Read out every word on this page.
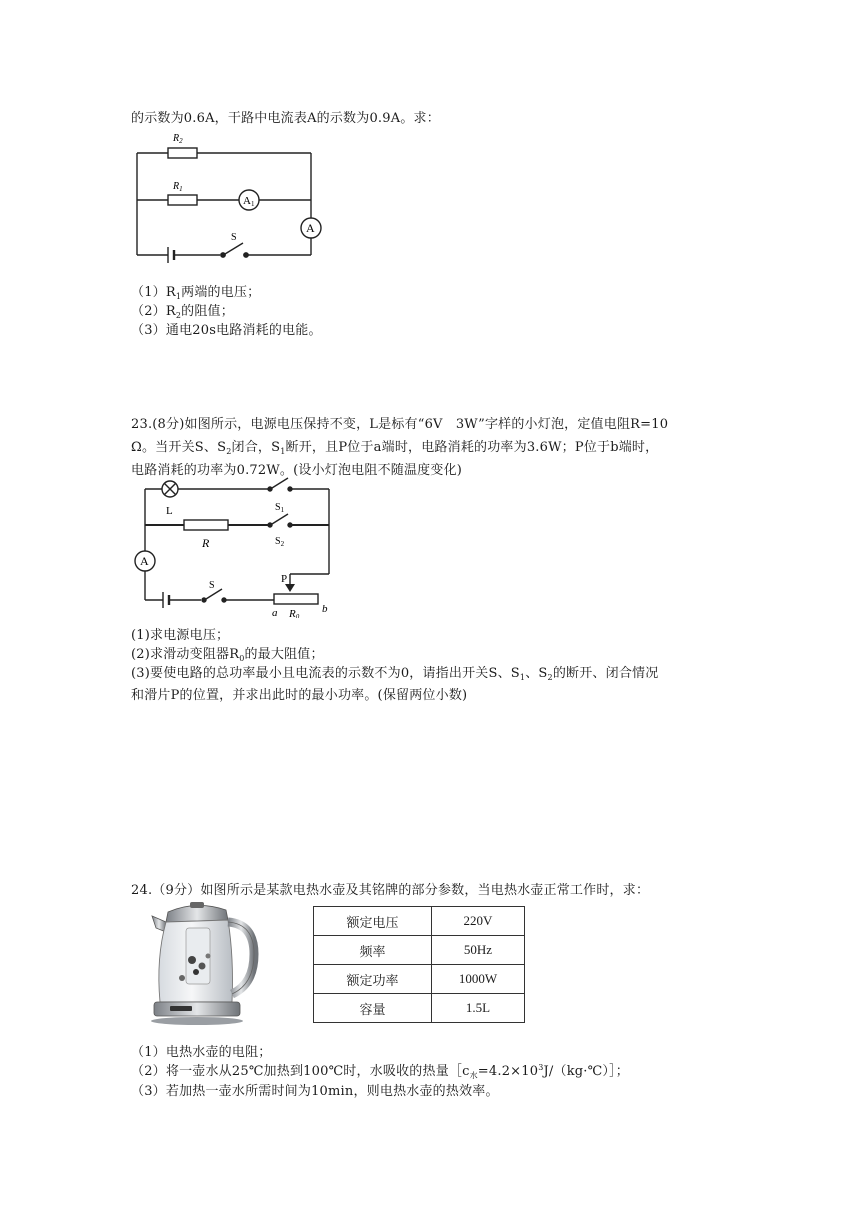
的示数为0.6A，干路中电流表A的示数为0.9A。求：
$R_2$
$R_1$
A1
A
S
$(1)R_1$两端的电压；
$(2)R_2$的阻值；
（3）通电20s电路消耗的电能。
23.(8分)如图所示，电源电压保持不变，L是标有“6V　3W”字样的小灯泡，定值电阻R=10
Ω。当开关S、$S_2$闭合，$S_1$断开，且P位于a端时，电路消耗的功率为3.6W；P位于b端时，
电路消耗的功率为0.72W。(设小灯泡电阻不随温度变化)
L	$S_1$
R	$S_2$
A
S
P
a R0
b
(1)求电源电压；
(2)求滑动变阻器$R_0$的最大阻值；
(3)要使电路的总功率最小且电流表的示数不为0，请指出开关S、$S_1$、$S_2$的断开、闭合情况
和滑片P的位置，并求出此时的最小功率。(保留两位小数)
24.（9分）如图所示是某款电热水壶及其铭牌的部分参数，当电热水壶正常工作时，求：
额定电压	220V
频率	50Hz
额定功率	1000W
容量	1.5L
（1）电热水壶的电阻；
（2）将一壶水从25℃加热到100℃时，水吸收的热量$[c_水=4.2\times 10^3J/(kg\cdot℃)]$；
（3）若加热一壶水所需时间为10min，则电热水壶的热效率。
